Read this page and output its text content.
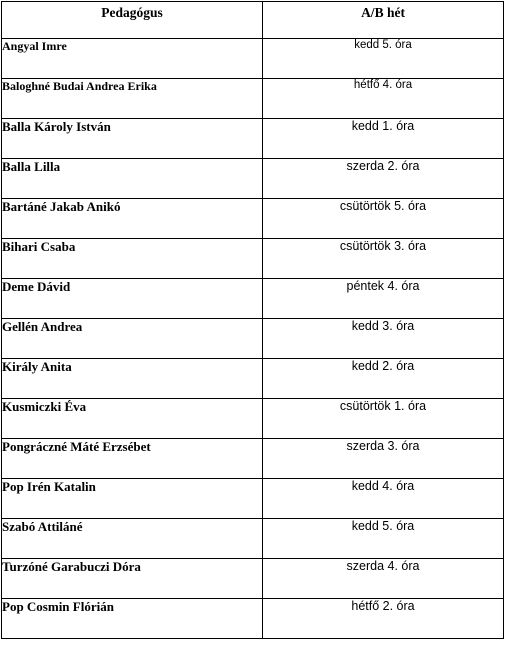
Pedagógus	A/B hét
Angyal Imre	kedd 5. óra
Baloghné Budai Andrea Erika	hétfő 4. óra
Balla Károly István	kedd 1. óra
Balla Lilla	szerda 2. óra
Bartáné Jakab Anikó	csütörtök 5. óra
Bihari Csaba	csütörtök 3. óra
Deme Dávid	péntek 4. óra
Gellén Andrea	kedd 3. óra
Király Anita	kedd 2. óra
Kusmiczki Éva	csütörtök 1. óra
Pongráczné Máté Erzsébet	szerda 3. óra
Pop Irén Katalin	kedd 4. óra
Szabó Attiláné	kedd 5. óra
Turzóné Garabuczi Dóra	szerda 4. óra
Pop Cosmin Flórián	hétfő 2. óra
